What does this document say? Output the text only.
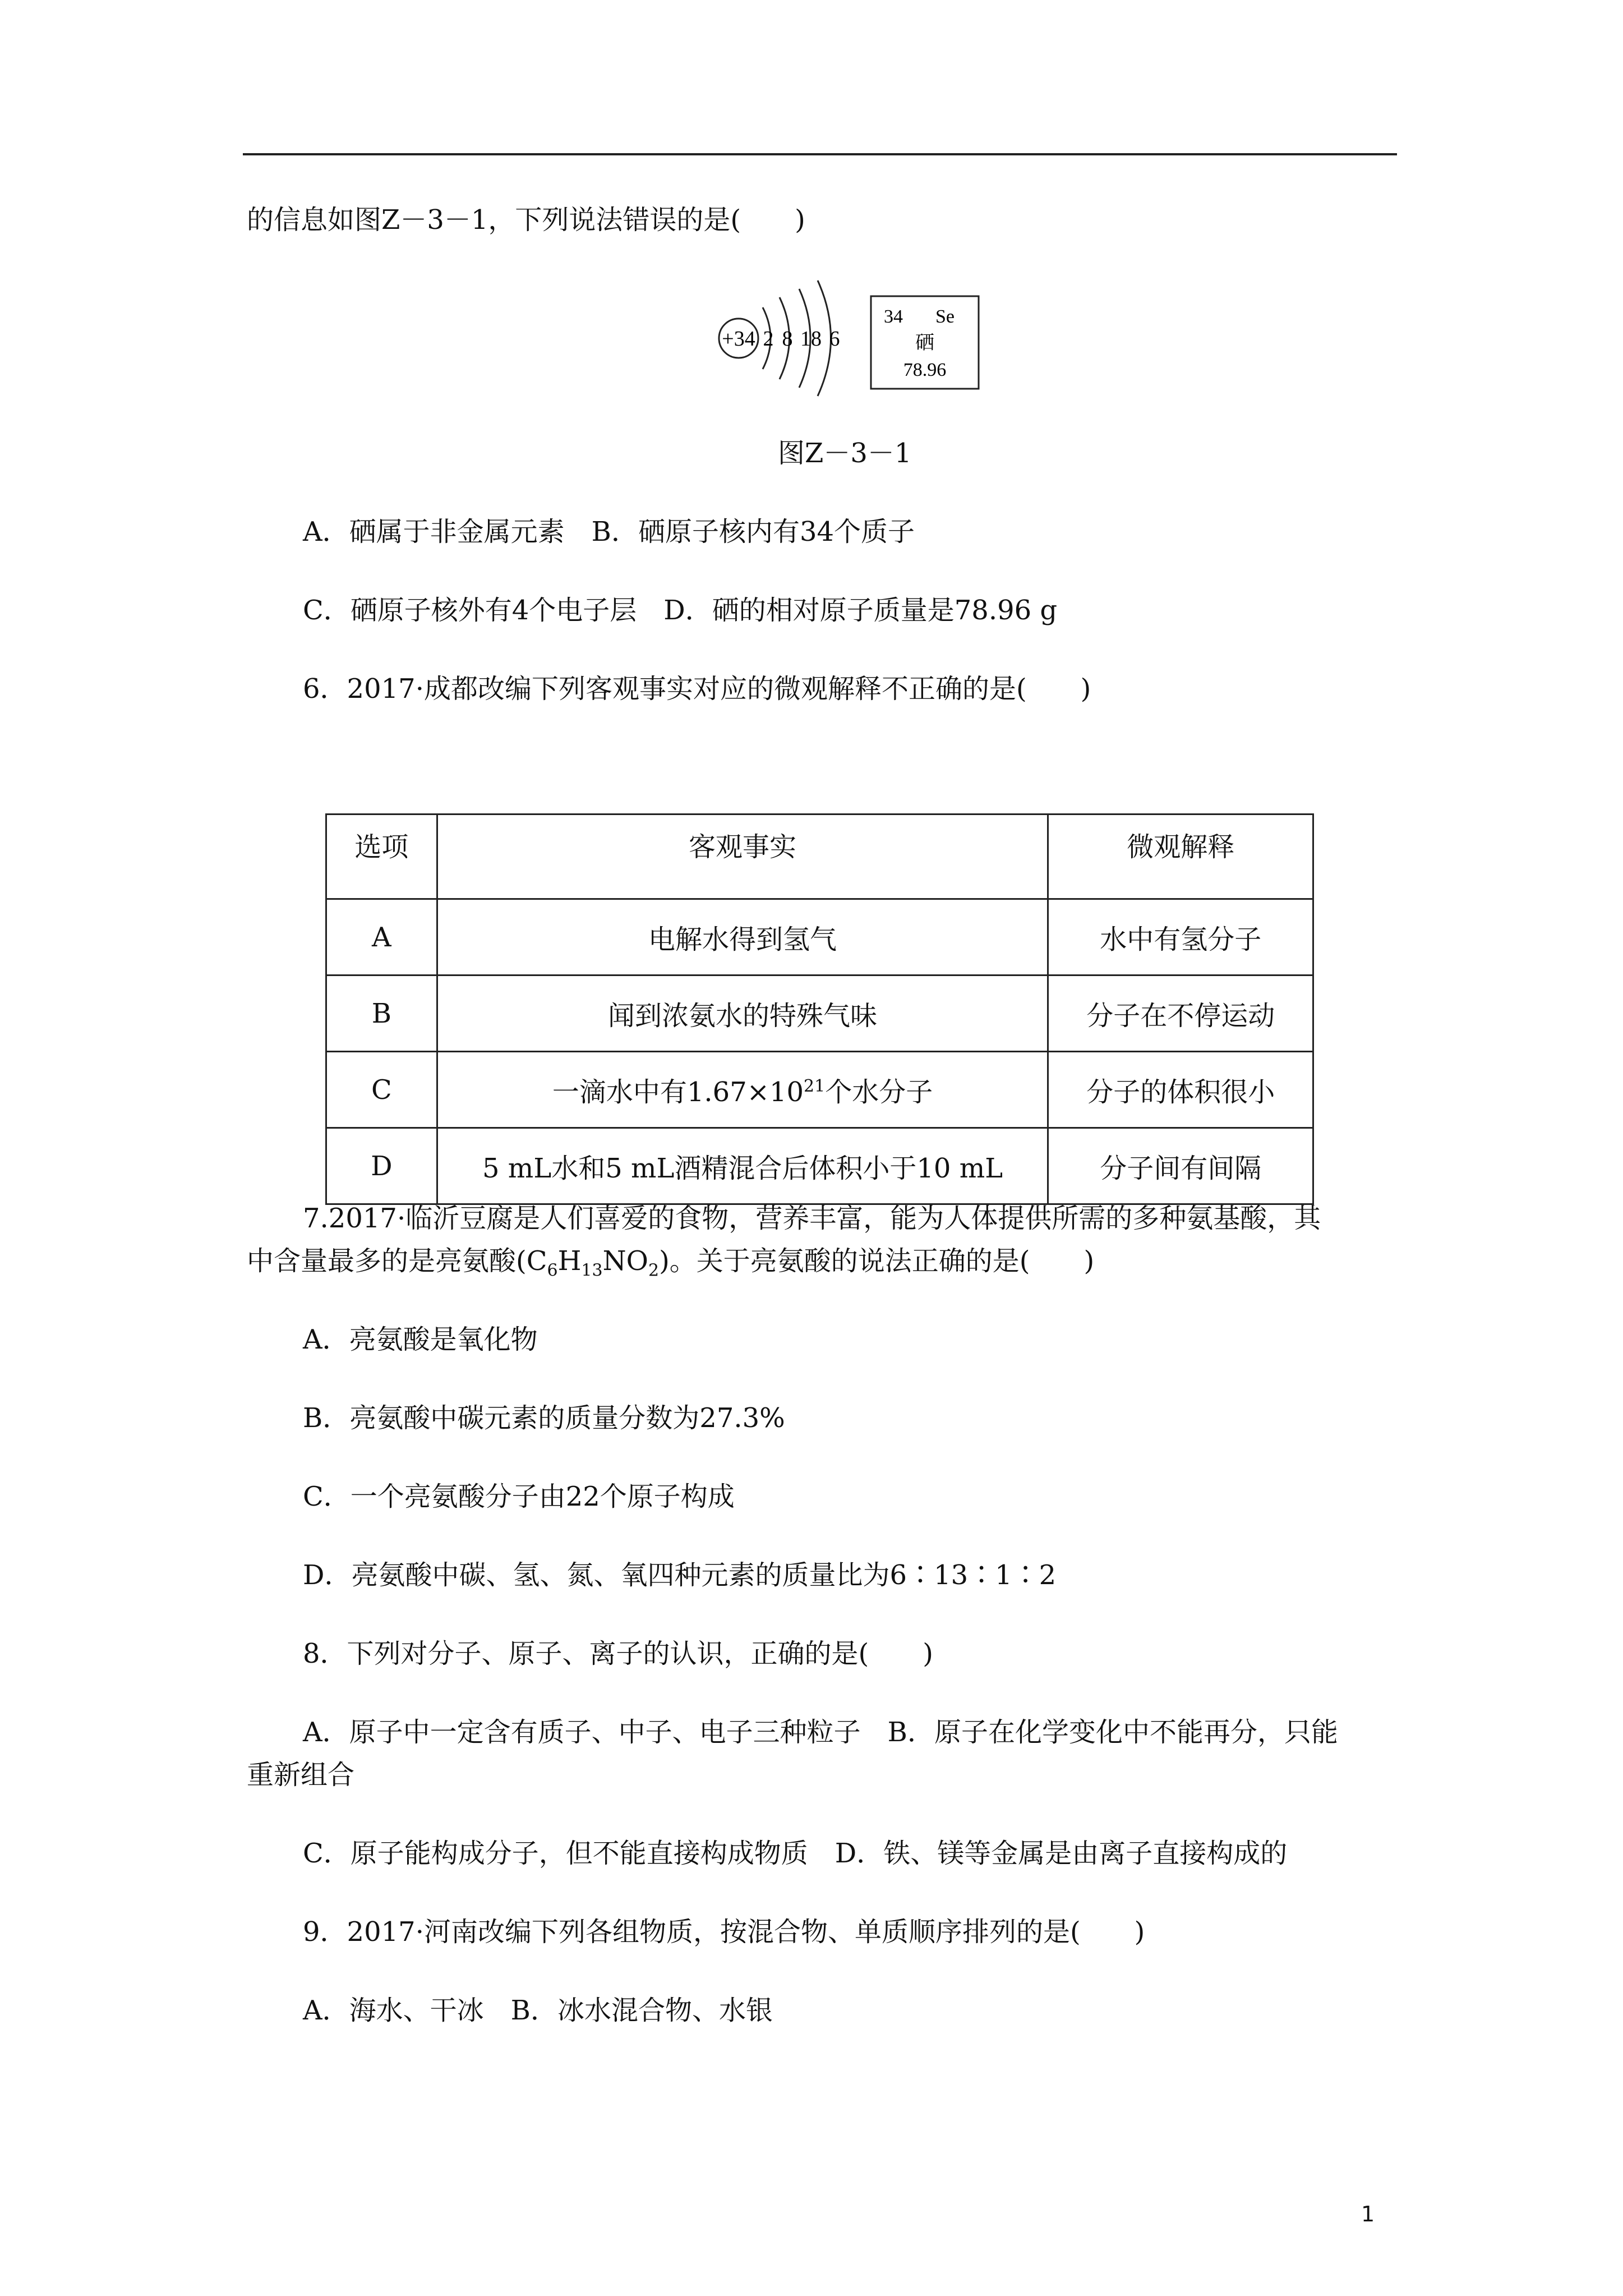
的信息如图Z－3－1，下列说法错误的是(　　)
+34 2 8 18 6
34 Se
硒
78.96
图Z－3－1
A．硒属于非金属元素　B．硒原子核内有34个质子
C．硒原子核外有4个电子层　D．硒的相对原子质量是78.96 g
6．2017·成都改编下列客观事实对应的微观解释不正确的是(　　)
选项	客观事实	微观解释
A	电解水得到氢气	水中有氢分子
B	闻到浓氨水的特殊气味	分子在不停运动
C	一滴水中有$1.67\times 10^{21}$个水分子	分子的体积很小
D	5 mL水和5 mL酒精混合后体积小于10 mL	分子间有间隔
7.2017·临沂豆腐是人们喜爱的食物，营养丰富，能为人体提供所需的多种氨基酸，其
中含量最多的是亮氨酸$(C_6H_{13}NO_2)$。关于亮氨酸的说法正确的是(　　)
A．亮氨酸是氧化物
B．亮氨酸中碳元素的质量分数为27.3%
C．一个亮氨酸分子由22个原子构成
D．亮氨酸中碳、氢、氮、氧四种元素的质量比为6∶13∶1∶2
8．下列对分子、原子、离子的认识，正确的是(　　)
A．原子中一定含有质子、中子、电子三种粒子　B．原子在化学变化中不能再分，只能
重新组合
C．原子能构成分子，但不能直接构成物质　D．铁、镁等金属是由离子直接构成的
9．2017·河南改编下列各组物质，按混合物、单质顺序排列的是(　　)
A．海水、干冰　B．冰水混合物、水银
1
